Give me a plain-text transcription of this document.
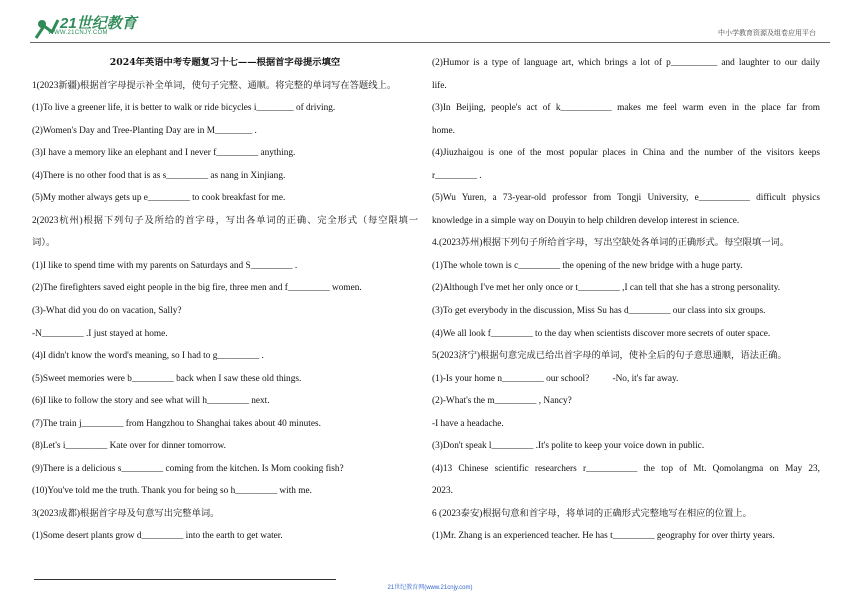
21世纪教育
WWW.21CNJY.COM	中小学教育资源及组卷应用平台
2024年英语中考专题复习十七——根据首字母提示填空
1(2023新疆)根据首字母提示补全单词，使句子完整、通顺。将完整的单词写在答题线上。
(1)To live a greener life, it is better to walk or ride bicycles i________ of driving.
(2)Women's Day and Tree-Planting Day are in M________ .
(3)I have a memory like an elephant and I never f_________ anything.
(4)There is no other food that is as s_________ as nang in Xinjiang.
(5)My mother always gets up e_________ to cook breakfast for me.
2(2023杭州)根据下列句子及所给的首字母，写出各单词的正确、完全形式（每空限填一
词）。
(1)I like to spend time with my parents on Saturdays and S_________ .
(2)The firefighters saved eight people in the big fire, three men and f_________ women.
(3)-What did you do on vacation, Sally?
-N_________ .I just stayed at home.
(4)I didn't know the word's meaning, so I had to g_________ .
(5)Sweet memories were b_________ back when I saw these old things.
(6)I like to follow the story and see what will h_________ next.
(7)The train j_________ from Hangzhou to Shanghai takes about 40 minutes.
(8)Let's i_________ Kate over for dinner tomorrow.
(9)There is a delicious s_________ coming from the kitchen. Is Mom cooking fish?
(10)You've told me the truth. Thank you for being so h_________ with me.
3(2023成都)根据首字母及句意写出完整单词。
(1)Some desert plants grow d_________ into the earth to get water.
(2)Humor is a type of language art, which brings a lot of p__________ and laughter to our daily
life.
(3)In Beijing, people's act of k___________ makes me feel warm even in the place far from
home.
(4)Jiuzhaigou is one of the most popular places in China and the number of the visitors keeps
r_________ .
(5)Wu Yuren, a 73-year-old professor from Tongji University, e___________ difficult physics
knowledge in a simple way on Douyin to help children develop interest in science.
4.(2023苏州)根据下列句子所给首字母，写出空缺处各单词的正确形式。每空限填一词。
(1)The whole town is c_________ the opening of the new bridge with a huge party.
(2)Although I've met her only once or t_________ ,I can tell that she has a strong personality.
(3)To get everybody in the discussion, Miss Su has d_________ our class into six groups.
(4)We all look f_________ to the day when scientists discover more secrets of outer space.
5(2023济宁)根据句意完成已给出首字母的单词，使补全后的句子意思通顺，语法正确。
(1)-Is your home n_________ our school?          -No, it's far away.
(2)-What's the m_________ , Nancy?
-I have a headache.
(3)Don't speak l_________ .It's polite to keep your voice down in public.
(4)13 Chinese scientific researchers r___________ the top of Mt. Qomolangma on May 23,
2023.
6 (2023泰安)根据句意和首字母，将单词的正确形式完整地写在相应的位置上。
(1)Mr. Zhang is an experienced teacher. He has t_________ geography for over thirty years.
21世纪教育网(www.21cnjy.com)
